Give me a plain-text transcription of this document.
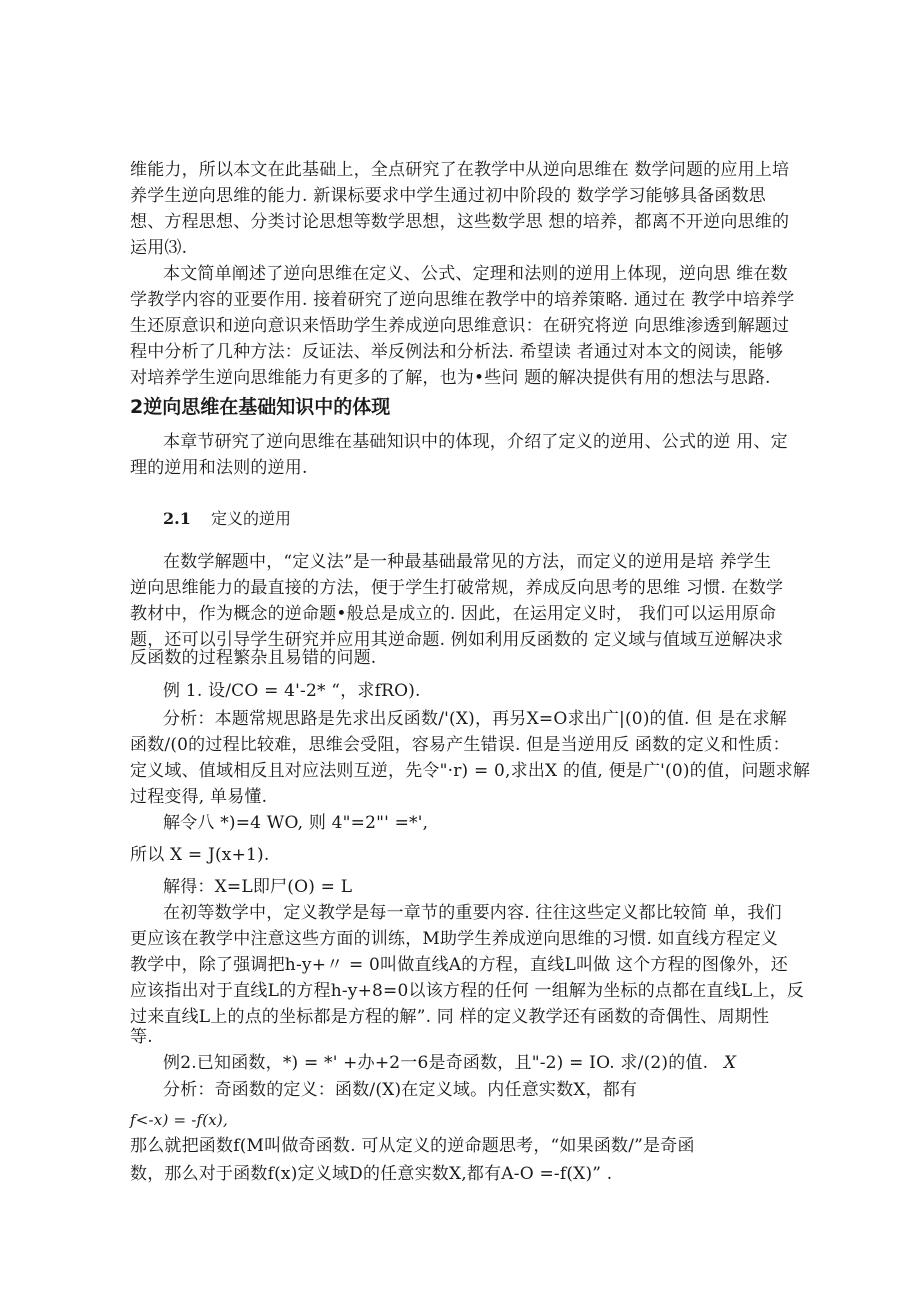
维能力，所以本文在此基础上，全点研究了在教学中从逆向思维在 数学问题的应用上培
养学生逆向思维的能力. 新课标要求中学生通过初中阶段的 数学学习能够具备函数思
想、方程思想、分类讨论思想等数学思想，这些数学思 想的培养，都离不开逆向思维的
运用⑶.
本文简单阐述了逆向思维在定义、公式、定理和法则的逆用上体现，逆向思 维在数
学教学内容的亚要作用. 接着研究了逆向思维在教学中的培养策略. 通过在 教学中培养学
生还原意识和逆向意识来悟助学生养成逆向思维意识：在研究将逆 向思维渗透到解题过
程中分析了几种方法：反证法、举反例法和分析法. 希望读 者通过对本文的阅读，能够
对培养学生逆向思维能力有更多的了解，也为•些问 题的解决提供有用的想法与思路.
2逆向思维在基础知识中的体现
本章节研究了逆向思维在基础知识中的体现，介绍了定义的逆用、公式的逆 用、定
理的逆用和法则的逆用.
2.1 定义的逆用
在数学解题中，“定义法”是一种最基础最常见的方法，而定义的逆用是培 养学生
逆向思维能力的最直接的方法，便于学生打破常规，养成反向思考的思维 习惯. 在数学
教材中，作为概念的逆命题•般总是成立的. 因此，在运用定义时， 我们可以运用原命
题，还可以引导学生研究并应用其逆命题. 例如利用反函数的 定义域与值域互逆解决求
反函数的过程繁杂且易错的问题.
例 1. 设/CO = 4'-2* “，求fRO).
分析：本题常规思路是先求出反函数/'(X)，再另X=O求出广|(0)的值. 但 是在求解
函数/(0的过程比较难，思维会受阻，容易产生错误. 但是当逆用反 函数的定义和性质：
定义域、值域相反且对应法则互逆，先令"·r) = 0,求出X 的值, 便是广'(0)的值，问题求解
过程变得, 单易懂.
解令八 *)=4 WO, 则 4"=2"' =*',
所以 X = J(x+1).
解得：X=L即尸(O) = L
在初等数学中，定义教学是每一章节的重要内容. 往往这些定义都比较简 单，我们
更应该在教学中注意这些方面的训练，M助学生养成逆向思维的习惯. 如直线方程定义
教学中，除了强调把h-y+〃 = 0叫做直线A的方程，直线L叫做 这个方程的图像外，还
应该指出对于直线L的方程h-y+8=0以该方程的任何 一组解为坐标的点都在直线L上，反
过来直线L上的点的坐标都是方程的解”. 同 样的定义教学还有函数的奇偶性、周期性
等.
例2.已知函数，*) = *' +办+2一6是奇函数，且"-2) = IO. 求/(2)的值. X
分析：奇函数的定义：函数/(X)在定义域。内任意实数X，都有
f<-x) = -f(x),
那么就把函数f(M叫做奇函数. 可从定义的逆命题思考，“如果函数/”是奇函
数，那么对于函数f(x)定义域D的任意实数X,都有A-O =-f(X)” .
